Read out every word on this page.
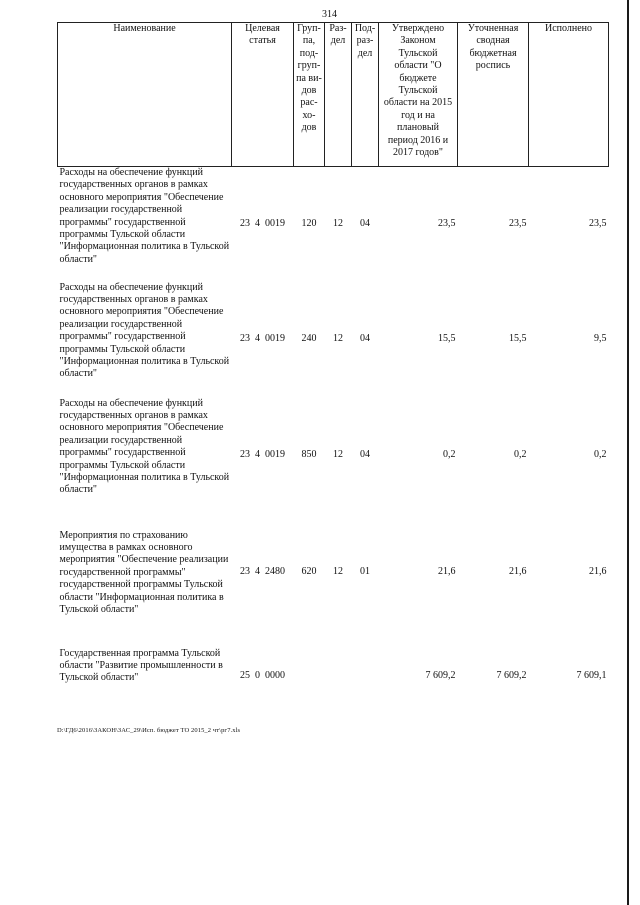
314
Наименование	Целевая статья	Груп-па, под-груп-па ви-дов рас-хо-дов	Раз-дел	Под-раз-дел	Утверждено Законом Тульской области "О бюджете Тульской области на 2015 год и на плановый период 2016 и 2017 годов"	Уточненная сводная бюджетная роспись	Исполнено
Расходы на обеспечение функций государственных органов в рамках основного мероприятия "Обеспечение реализации государственной программы" государственной программы Тульской области "Информационная политика в Тульской области"	23  4  0019	120	12	04	23,5	23,5	23,5
Расходы на обеспечение функций государственных органов в рамках основного мероприятия "Обеспечение реализации государственной программы" государственной программы Тульской области "Информационная политика в Тульской области"	23  4  0019	240	12	04	15,5	15,5	9,5
Расходы на обеспечение функций государственных органов в рамках основного мероприятия "Обеспечение реализации государственной программы" государственной программы Тульской области "Информационная политика в Тульской области"	23  4  0019	850	12	04	0,2	0,2	0,2
Мероприятия по страхованию имущества в рамках основного мероприятия "Обеспечение реализации государственной программы" государственной программы Тульской области "Информационная политика в Тульской области"	23  4  2480	620	12	01	21,6	21,6	21,6
Государственная программа Тульской области "Развитие промышленности в Тульской области"	25  0  0000				7 609,2	7 609,2	7 609,1
D:\ГД6\2016\ЗАКОН\ЗАС_29\Исп. бюджет ТО 2015_2 чт\рг7.xls
